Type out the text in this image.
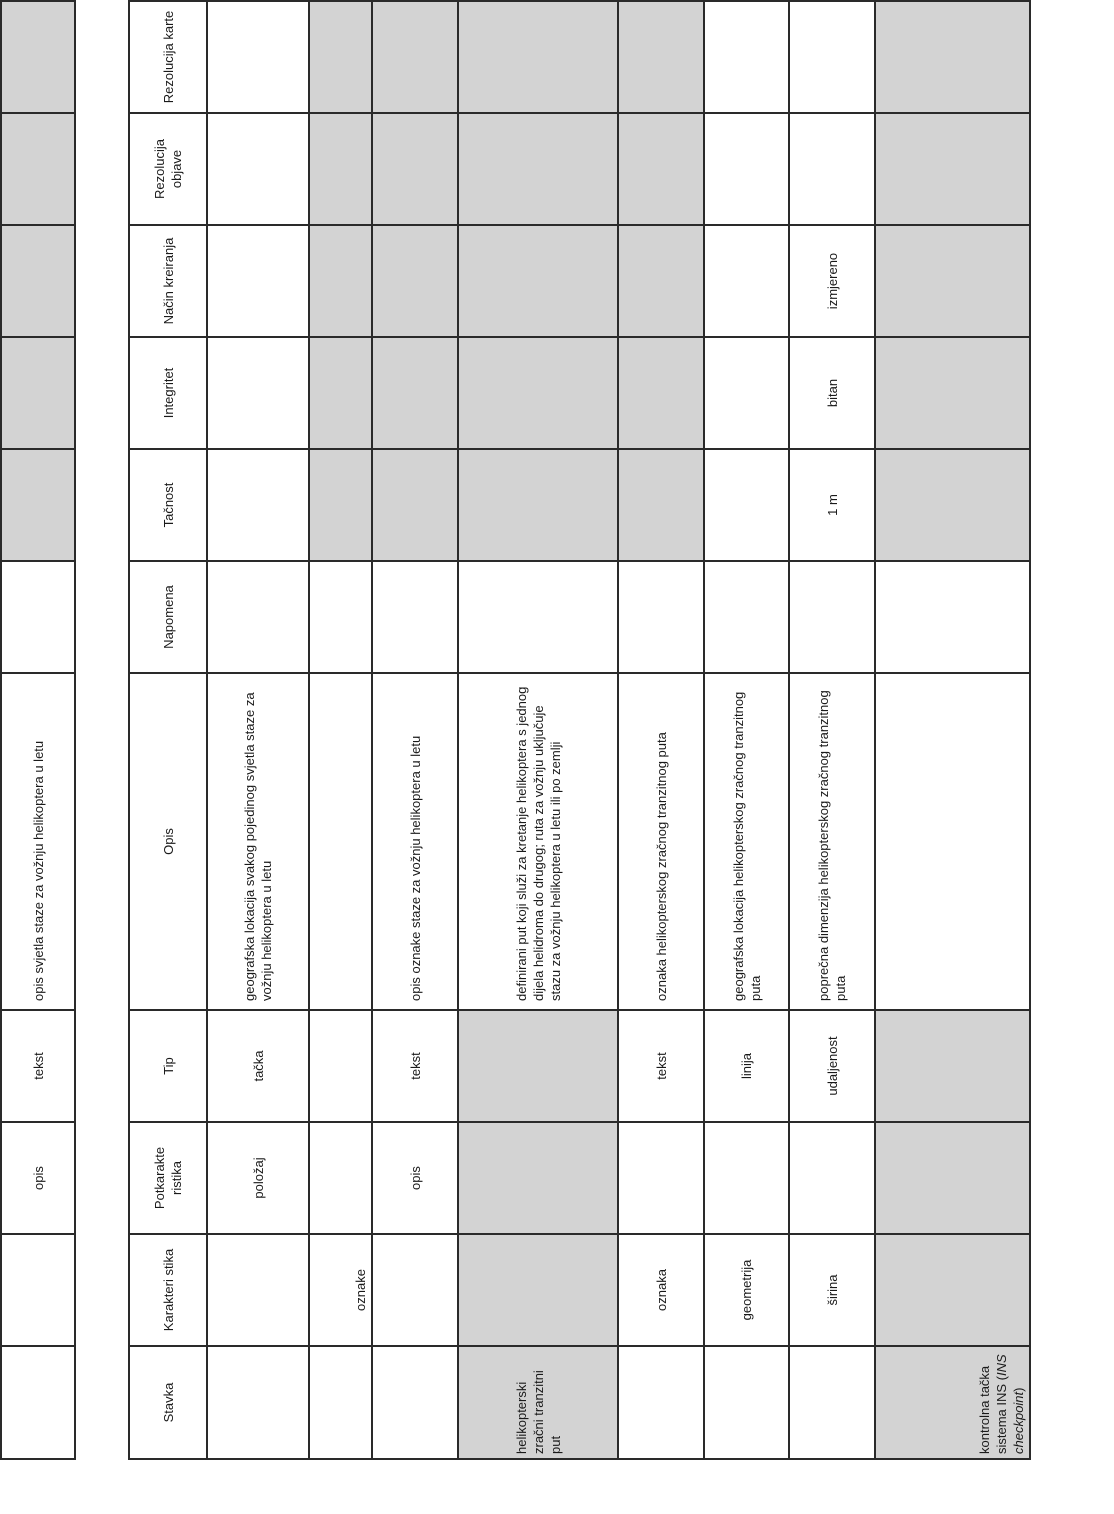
		opis	tekst	opis svjetla staze za vožnju helikoptera u letu						
Stavka	Karakteri stika	Potkarakte ristika	Tip	Opis	Napomena	Tačnost	Integritet	Način kreiranja	Rezolucija objave	Rezolucija karte
		položaj	tačka	geografska lokacija svakog pojedinog svjetla staze za vožnju helikoptera u letu						
	oznake									
		opis	tekst	opis oznake staze za vožnju helikoptera u letu						
helikopterski zračni tranzitni put				definirani put koji služi za kretanje helikoptera s jednog dijela helidroma do drugog; ruta za vožnju uključuje stazu za vožnju helikoptera u letu ili po zemlji						
	oznaka		tekst	oznaka helikopterskog zračnog tranzitnog puta						
	geometrija		linija	geografska lokacija helikopterskog zračnog tranzitnog puta						
	širina		udaljenost	poprečna dimenzija helikopterskog zračnog tranzitnog puta		1 m	bitan	izmjereno		
kontrolna tačka sistema INS (INS checkpoint)										
